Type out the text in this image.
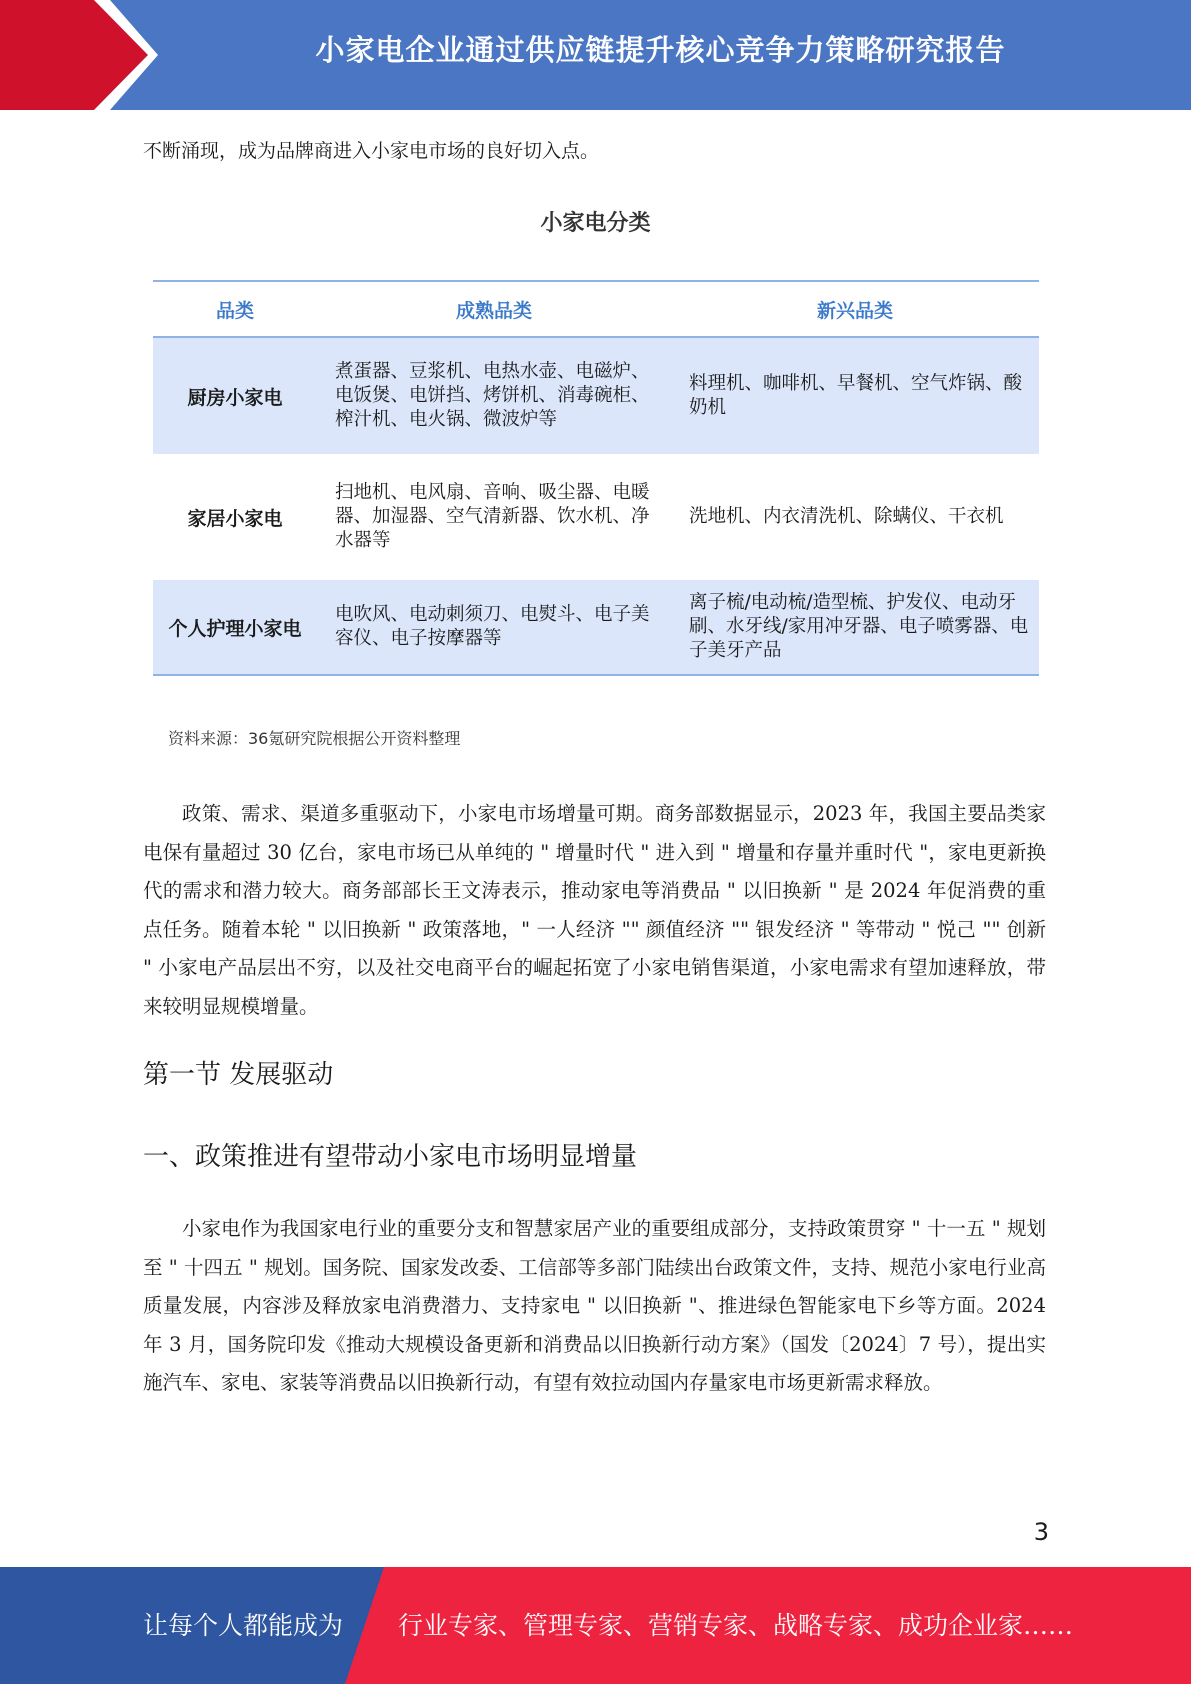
小家电企业通过供应链提升核心竞争力策略研究报告
不断涌现，成为品牌商进入小家电市场的良好切入点。
小家电分类
品类	成熟品类	新兴品类
厨房小家电
煮蛋器、豆浆机、电热水壶、电磁炉、电饭煲、电饼挡、烤饼机、消毒碗柜、榨汁机、电火锅、微波炉等
料理机、咖啡机、早餐机、空气炸锅、酸奶机
家居小家电
扫地机、电风扇、音响、吸尘器、电暖器、加湿器、空气清新器、饮水机、净水器等
洗地机、内衣清洗机、除螨仪、干衣机
个人护理小家电
电吹风、电动刺须刀、电熨斗、电子美容仪、电子按摩器等
离子梳/电动梳/造型梳、护发仪、电动牙刷、水牙线/家用冲牙器、电子喷雾器、电子美牙产品
资料来源：36氪研究院根据公开资料整理
政策、需求、渠道多重驱动下，小家电市场增量可期。商务部数据显示，2023 年，我国主要品类家电保有量超过 30 亿台，家电市场已从单纯的 " 增量时代 " 进入到 " 增量和存量并重时代 "，家电更新换代的需求和潜力较大。商务部部长王文涛表示，推动家电等消费品 " 以旧换新 " 是 2024 年促消费的重点任务。随着本轮 " 以旧换新 " 政策落地，" 一人经济 "" 颜值经济 "" 银发经济 " 等带动 " 悦己 "" 创新 " 小家电产品层出不穷，以及社交电商平台的崛起拓宽了小家电销售渠道，小家电需求有望加速释放，带来较明显规模增量。
第一节 发展驱动
一、政策推进有望带动小家电市场明显增量
小家电作为我国家电行业的重要分支和智慧家居产业的重要组成部分，支持政策贯穿 " 十一五 " 规划至 " 十四五 " 规划。国务院、国家发改委、工信部等多部门陆续出台政策文件，支持、规范小家电行业高质量发展，内容涉及释放家电消费潜力、支持家电 " 以旧换新 "、推进绿色智能家电下乡等方面。2024 年 3 月，国务院印发《推动大规模设备更新和消费品以旧换新行动方案》（国发〔2024〕7 号），提出实施汽车、家电、家装等消费品以旧换新行动，有望有效拉动国内存量家电市场更新需求释放。
3
让每个人都能成为 行业专家、管理专家、营销专家、战略专家、成功企业家……
